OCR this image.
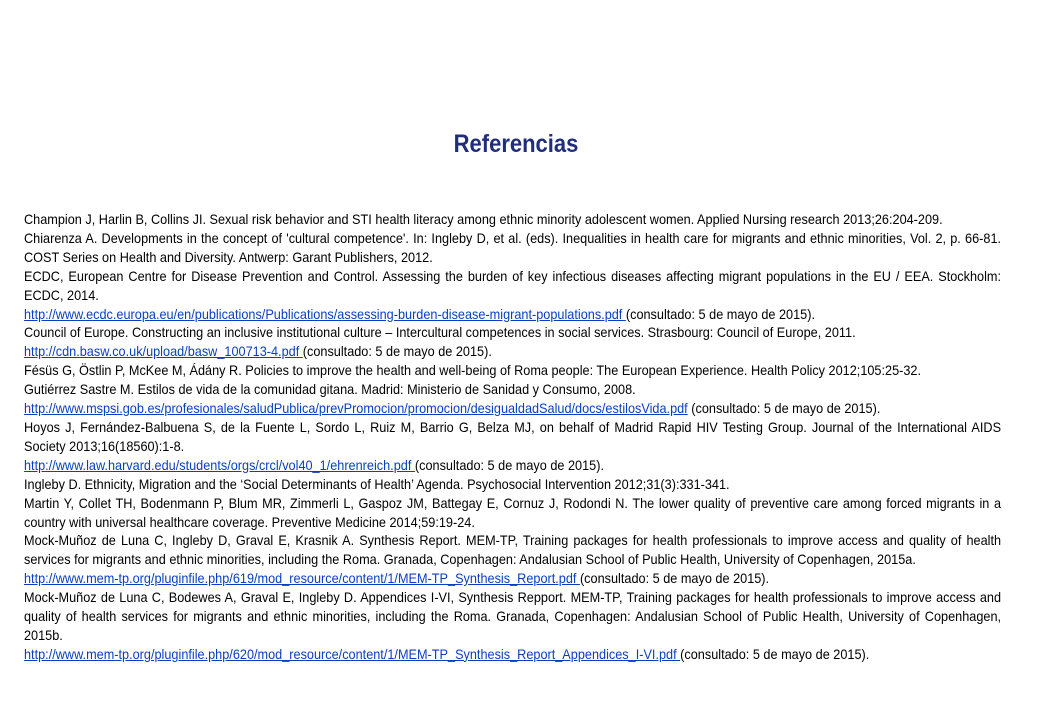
Referencias

Champion J, Harlin B, Collins JI. Sexual risk behavior and STI health literacy among ethnic minority adolescent women. Applied Nursing research 2013;26:204-209.

Chiarenza A. Developments in the concept of 'cultural competence'. In: Ingleby D, et al. (eds). Inequalities in health care for migrants and ethnic minorities, Vol. 2, p. 66-81. COST Series on Health and Diversity. Antwerp: Garant Publishers, 2012.

ECDC, European Centre for Disease Prevention and Control. Assessing the burden of key infectious diseases affecting migrant populations in the EU / EEA. Stockholm: ECDC, 2014.

http://www.ecdc.europa.eu/en/publications/Publications/assessing-burden-disease-migrant-populations.pdf (consultado: 5 de mayo de 2015).

Council of Europe. Constructing an inclusive institutional culture – Intercultural competences in social services. Strasbourg: Council of Europe, 2011.

http://cdn.basw.co.uk/upload/basw_100713-4.pdf (consultado: 5 de mayo de 2015).

Fésüs G, Östlin P, McKee M, Ádány R. Policies to improve the health and well-being of Roma people: The European Experience. Health Policy 2012;105:25-32.

Gutiérrez Sastre M. Estilos de vida de la comunidad gitana. Madrid: Ministerio de Sanidad y Consumo, 2008.

http://www.mspsi.gob.es/profesionales/saludPublica/prevPromocion/promocion/desigualdadSalud/docs/estilosVida.pdf (consultado: 5 de mayo de 2015).

Hoyos J, Fernández-Balbuena S, de la Fuente L, Sordo L, Ruiz M, Barrio G, Belza MJ, on behalf of Madrid Rapid HIV Testing Group. Journal of the International AIDS Society 2013;16(18560):1-8.

http://www.law.harvard.edu/students/orgs/crcl/vol40_1/ehrenreich.pdf (consultado: 5 de mayo de 2015).

Ingleby D. Ethnicity, Migration and the ‘Social Determinants of Health’ Agenda. Psychosocial Intervention 2012;31(3):331-341.

Martin Y, Collet TH, Bodenmann P, Blum MR, Zimmerli L, Gaspoz JM, Battegay E, Cornuz J, Rodondi N. The lower quality of preventive care among forced migrants in a country with universal healthcare coverage. Preventive Medicine 2014;59:19-24.

Mock-Muñoz de Luna C, Ingleby D, Graval E, Krasnik A. Synthesis Report. MEM-TP, Training packages for health professionals to improve access and quality of health services for migrants and ethnic minorities, including the Roma. Granada, Copenhagen: Andalusian School of Public Health, University of Copenhagen, 2015a.

http://www.mem-tp.org/pluginfile.php/619/mod_resource/content/1/MEM-TP_Synthesis_Report.pdf (consultado: 5 de mayo de 2015).

Mock-Muñoz de Luna C, Bodewes A, Graval E, Ingleby D. Appendices I-VI, Synthesis Repport. MEM-TP, Training packages for health professionals to improve access and quality of health services for migrants and ethnic minorities, including the Roma. Granada, Copenhagen: Andalusian School of Public Health, University of Copenhagen, 2015b.

http://www.mem-tp.org/pluginfile.php/620/mod_resource/content/1/MEM-TP_Synthesis_Report_Appendices_I-VI.pdf (consultado: 5 de mayo de 2015).
